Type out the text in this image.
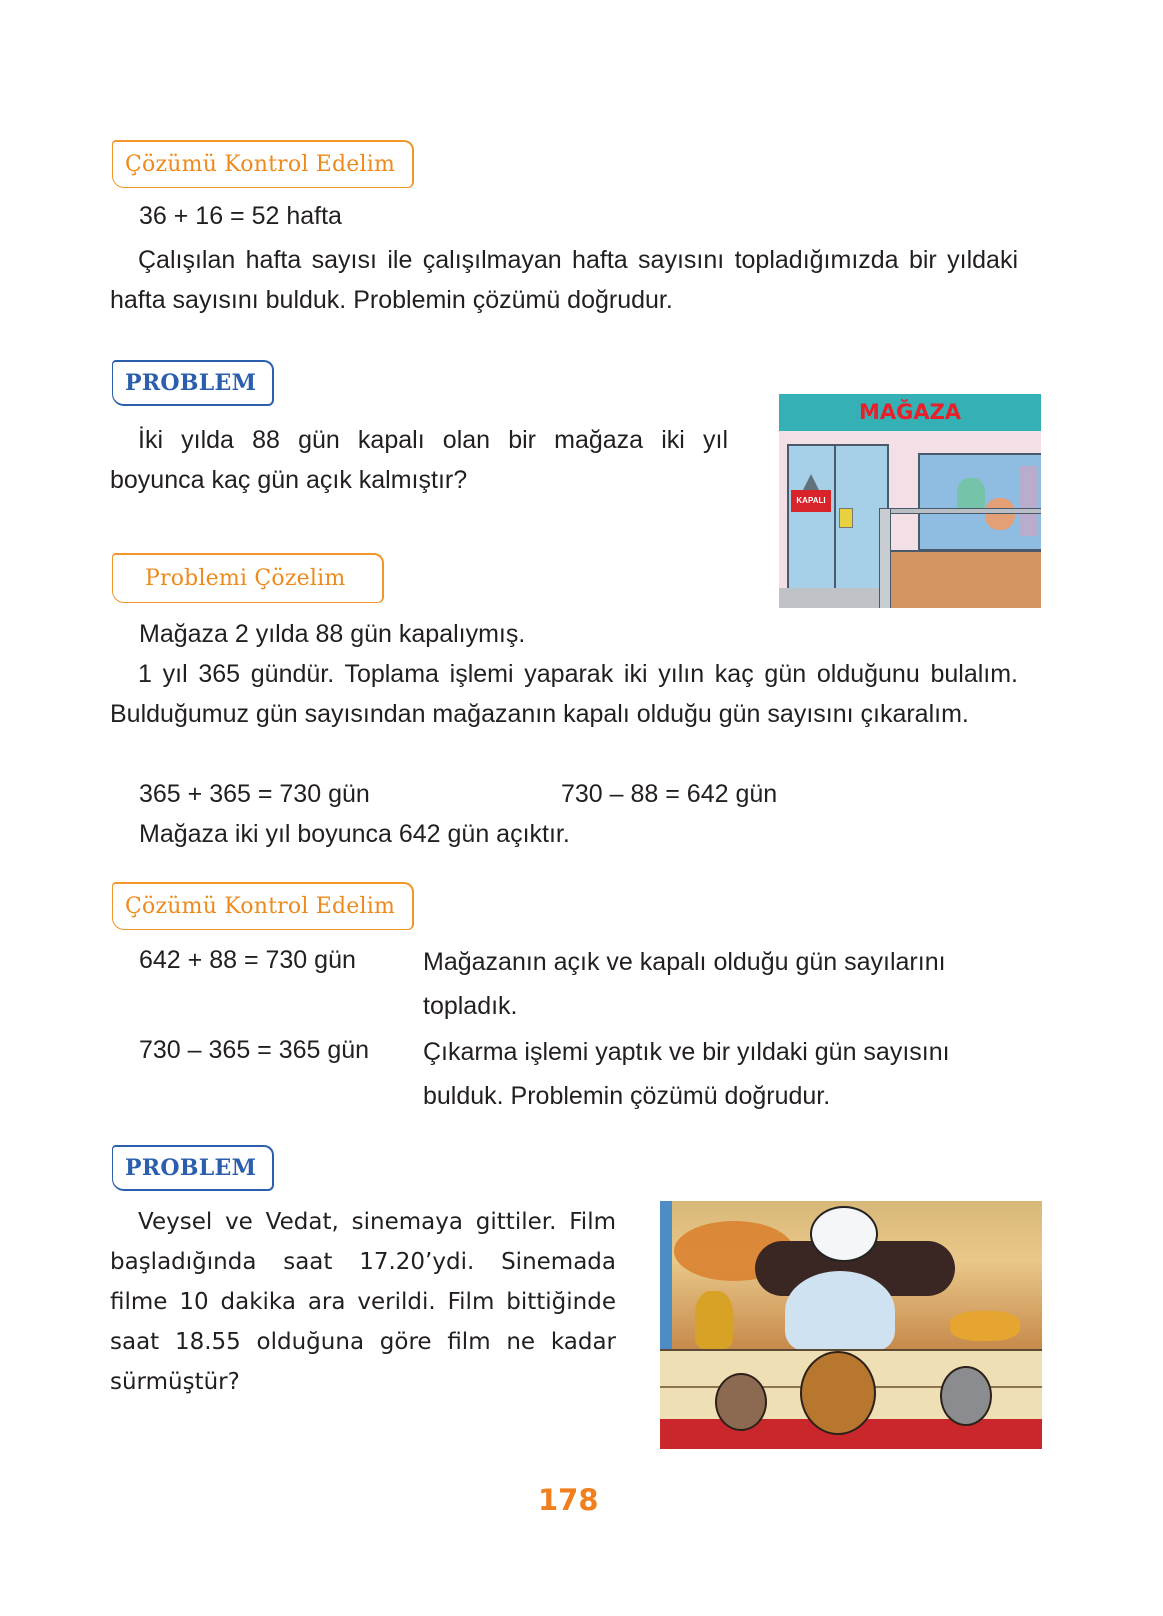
Çözümü Kontrol Edelim

36 + 16 = 52 hafta

Çalışılan hafta sayısı ile çalışılmayan hafta sayısını topladığımızda bir yıldaki hafta sayısını bulduk. Problemin çözümü doğrudur.

PROBLEM

İki yılda 88 gün kapalı olan bir mağaza iki yıl boyunca kaç gün açık kalmıştır?

MAĞAZA
KAPALI
Problemi Çözelim

Mağaza 2 yılda 88 gün kapalıymış.

1 yıl 365 gündür. Toplama işlemi yaparak iki yılın kaç gün olduğunu bulalım. Bulduğumuz gün sayısından mağazanın kapalı olduğu gün sayısını çıkaralım.

365 + 365 = 730 gün	730 – 88 = 642 gün

Mağaza iki yıl boyunca 642 gün açıktır.

Çözümü Kontrol Edelim

642 + 88 = 730 gün	Mağazanın açık ve kapalı olduğu gün sayılarını topladık.

730 – 365 = 365 gün Çıkarma işlemi yaptık ve bir yıldaki gün sayısını bulduk. Problemin çözümü doğrudur.

PROBLEM

Veysel ve Vedat, sinemaya gittiler. Film başladığında saat 17.20’ydi. Sinemada filme 10 dakika ara verildi. Film bittiğinde saat 18.55 olduğuna göre film ne kadar sürmüştür?

178
